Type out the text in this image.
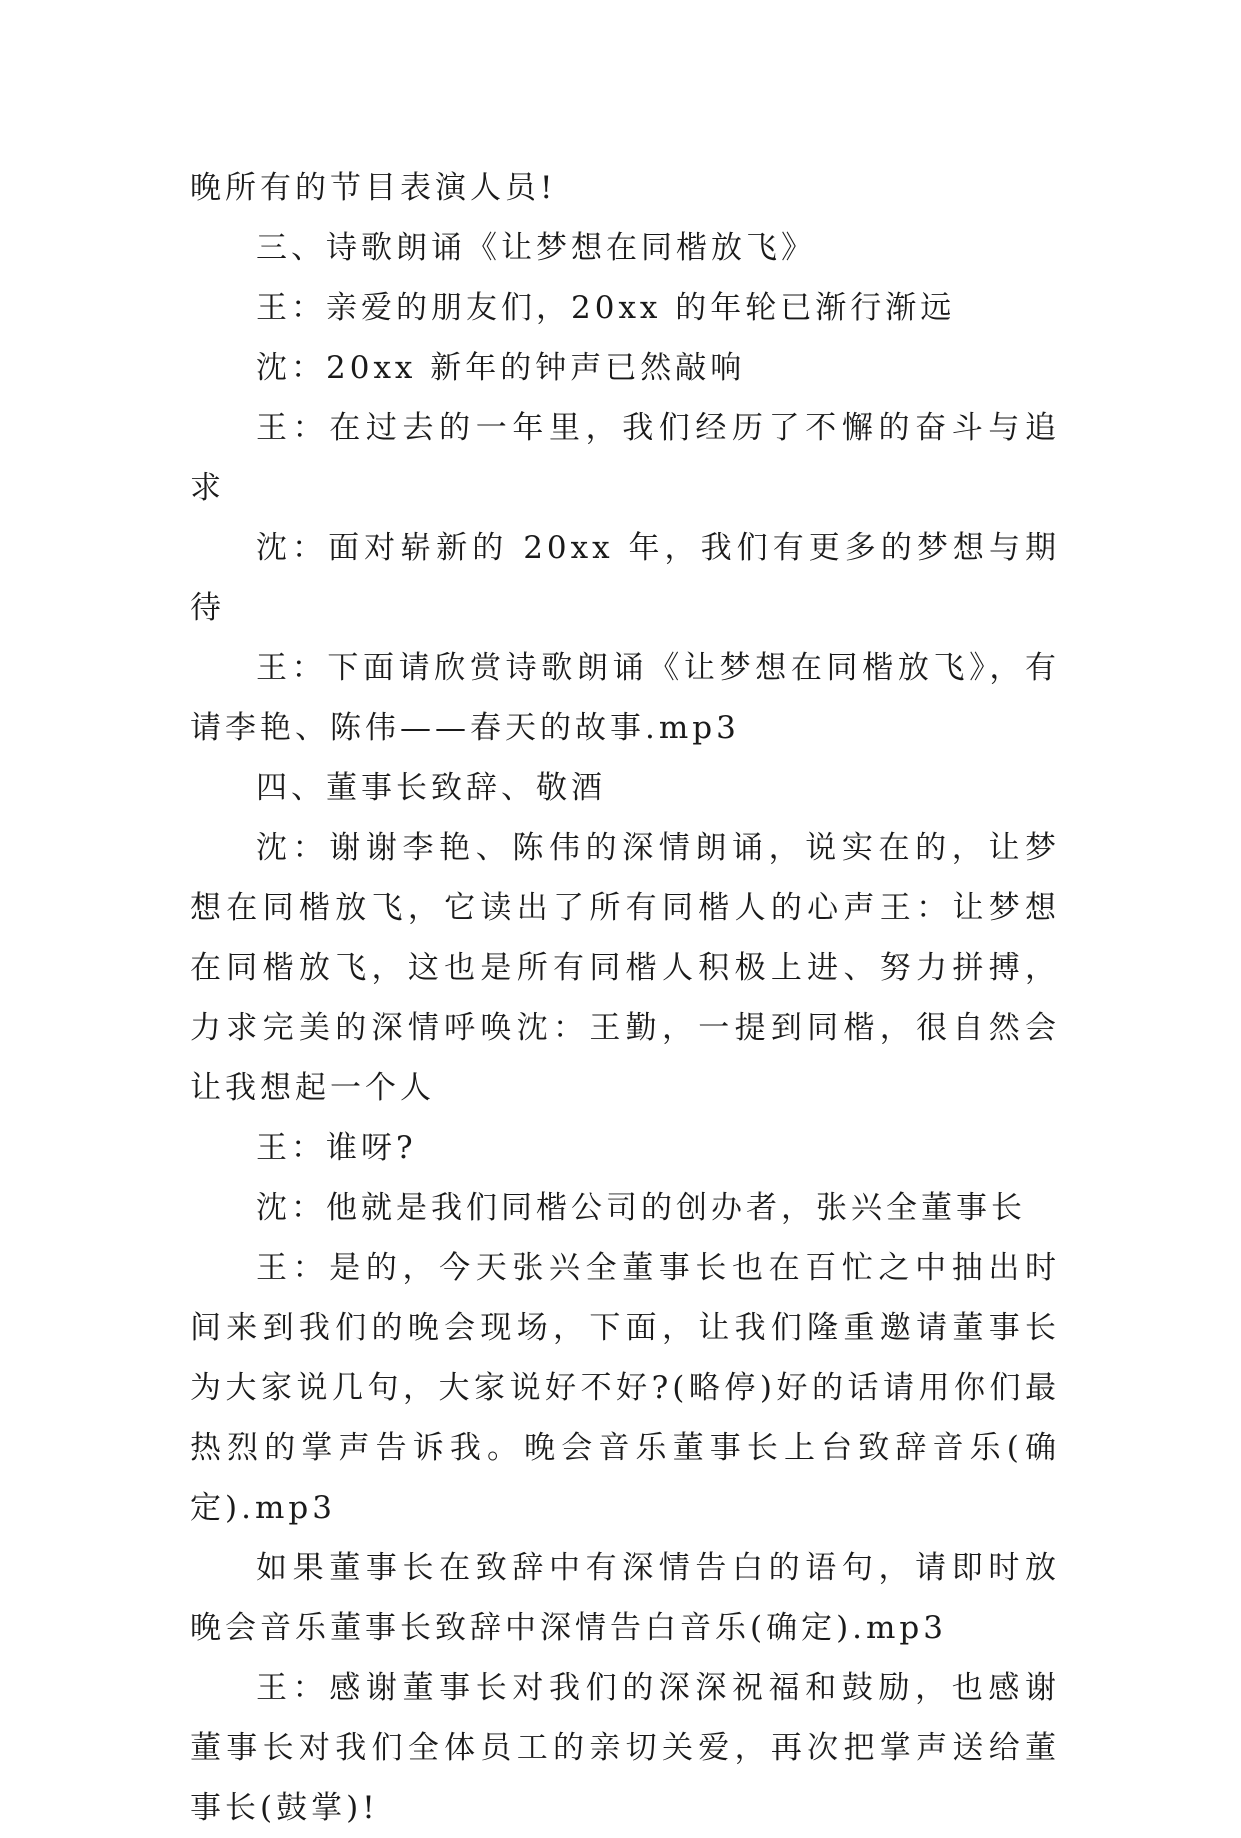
晚所有的节目表演人员!

三、诗歌朗诵《让梦想在同楷放飞》

王：亲爱的朋友们，20xx 的年轮已渐行渐远

沈：20xx 新年的钟声已然敲响

王：在过去的一年里，我们经历了不懈的奋斗与追求

沈：面对崭新的 20xx 年，我们有更多的梦想与期待

王：下面请欣赏诗歌朗诵《让梦想在同楷放飞》，有请李艳、陈伟——春天的故事.mp3

四、董事长致辞、敬酒

沈：谢谢李艳、陈伟的深情朗诵，说实在的，让梦想在同楷放飞，它读出了所有同楷人的心声王：让梦想在同楷放飞，这也是所有同楷人积极上进、努力拼搏，力求完美的深情呼唤沈：王勤，一提到同楷，很自然会让我想起一个人

王：谁呀?

沈：他就是我们同楷公司的创办者，张兴全董事长

王：是的，今天张兴全董事长也在百忙之中抽出时间来到我们的晚会现场，下面，让我们隆重邀请董事长为大家说几句，大家说好不好?(略停)好的话请用你们最热烈的掌声告诉我。晚会音乐董事长上台致辞音乐(确定).mp3

如果董事长在致辞中有深情告白的语句，请即时放晚会音乐董事长致辞中深情告白音乐(确定).mp3

王：感谢董事长对我们的深深祝福和鼓励，也感谢董事长对我们全体员工的亲切关爱，再次把掌声送给董事长(鼓掌)!
